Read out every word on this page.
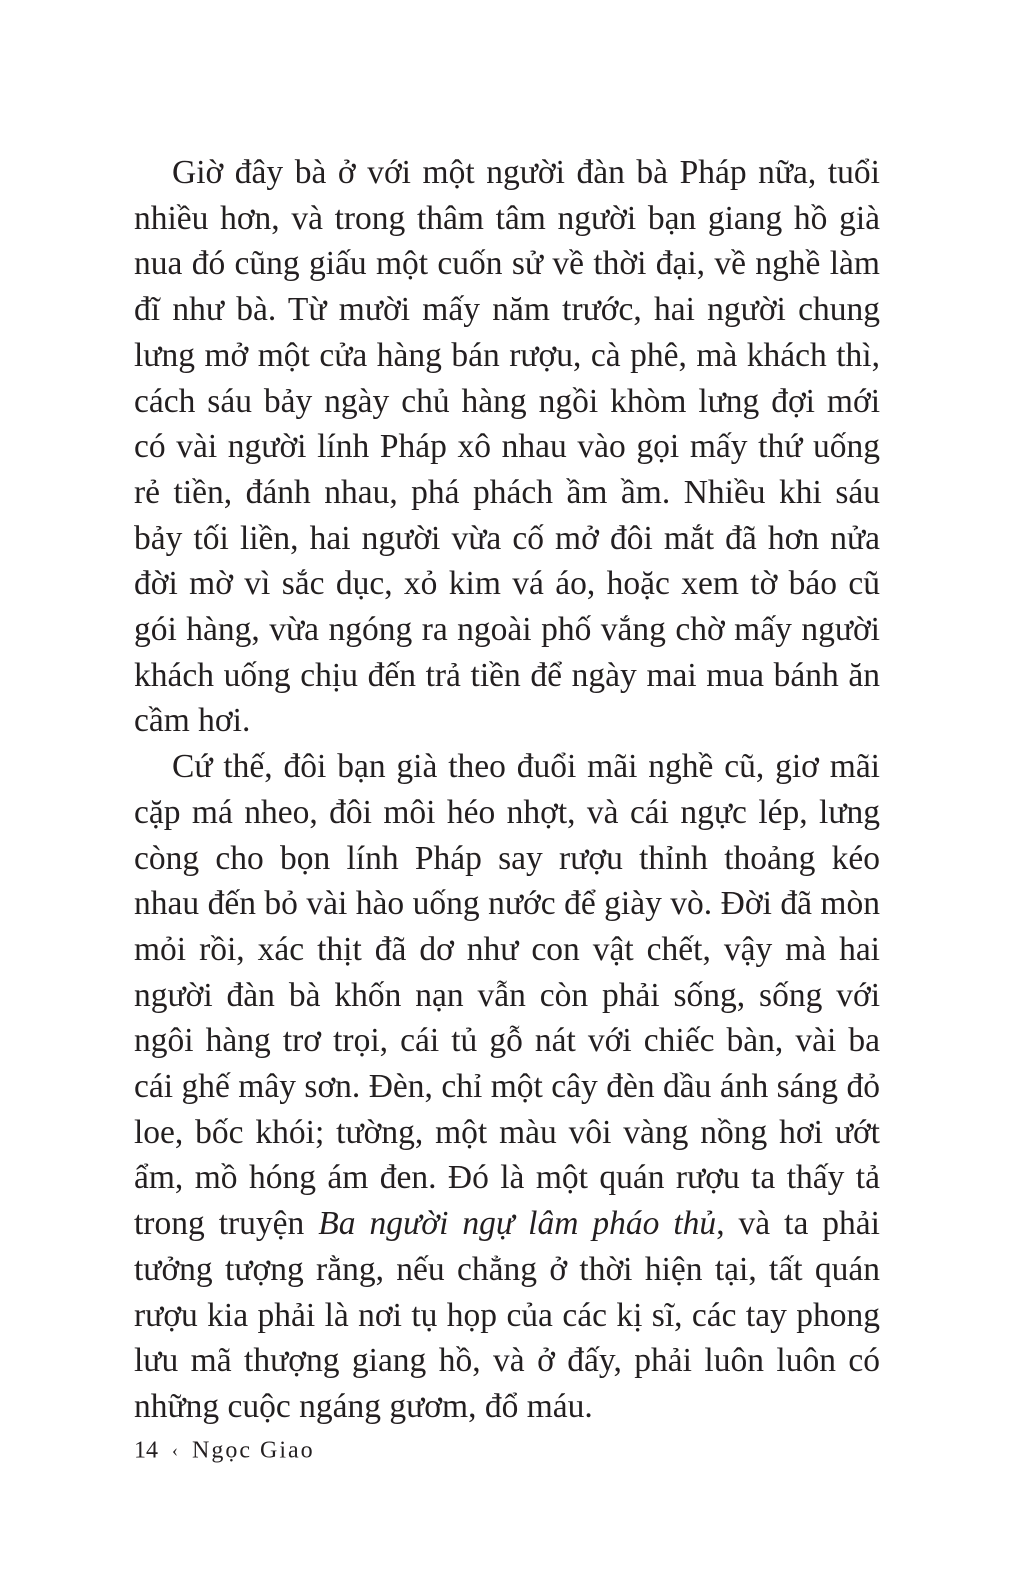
Giờ đây bà ở với một người đàn bà Pháp nữa, tuổi nhiều hơn, và trong thâm tâm người bạn giang hồ già nua đó cũng giấu một cuốn sử về thời đại, về nghề làm đĩ như bà. Từ mười mấy năm trước, hai người chung lưng mở một cửa hàng bán rượu, cà phê, mà khách thì, cách sáu bảy ngày chủ hàng ngồi khòm lưng đợi mới có vài người lính Pháp xô nhau vào gọi mấy thứ uống rẻ tiền, đánh nhau, phá phách ầm ầm. Nhiều khi sáu bảy tối liền, hai người vừa cố mở đôi mắt đã hơn nửa đời mờ vì sắc dục, xỏ kim vá áo, hoặc xem tờ báo cũ gói hàng, vừa ngóng ra ngoài phố vắng chờ mấy người khách uống chịu đến trả tiền để ngày mai mua bánh ăn cầm hơi.

Cứ thế, đôi bạn già theo đuổi mãi nghề cũ, giơ mãi cặp má nheo, đôi môi héo nhợt, và cái ngực lép, lưng còng cho bọn lính Pháp say rượu thỉnh thoảng kéo nhau đến bỏ vài hào uống nước để giày vò. Đời đã mòn mỏi rồi, xác thịt đã dơ như con vật chết, vậy mà hai người đàn bà khốn nạn vẫn còn phải sống, sống với ngôi hàng trơ trọi, cái tủ gỗ nát với chiếc bàn, vài ba cái ghế mây sơn. Đèn, chỉ một cây đèn dầu ánh sáng đỏ loe, bốc khói; tường, một màu vôi vàng nồng hơi ướt ẩm, mồ hóng ám đen. Đó là một quán rượu ta thấy tả trong truyện Ba người ngự lâm pháo thủ, và ta phải tưởng tượng rằng, nếu chẳng ở thời hiện tại, tất quán rượu kia phải là nơi tụ họp của các kị sĩ, các tay phong lưu mã thượng giang hồ, và ở đấy, phải luôn luôn có những cuộc ngáng gươm, đổ máu.

14 ‹ Ngọc Giao
